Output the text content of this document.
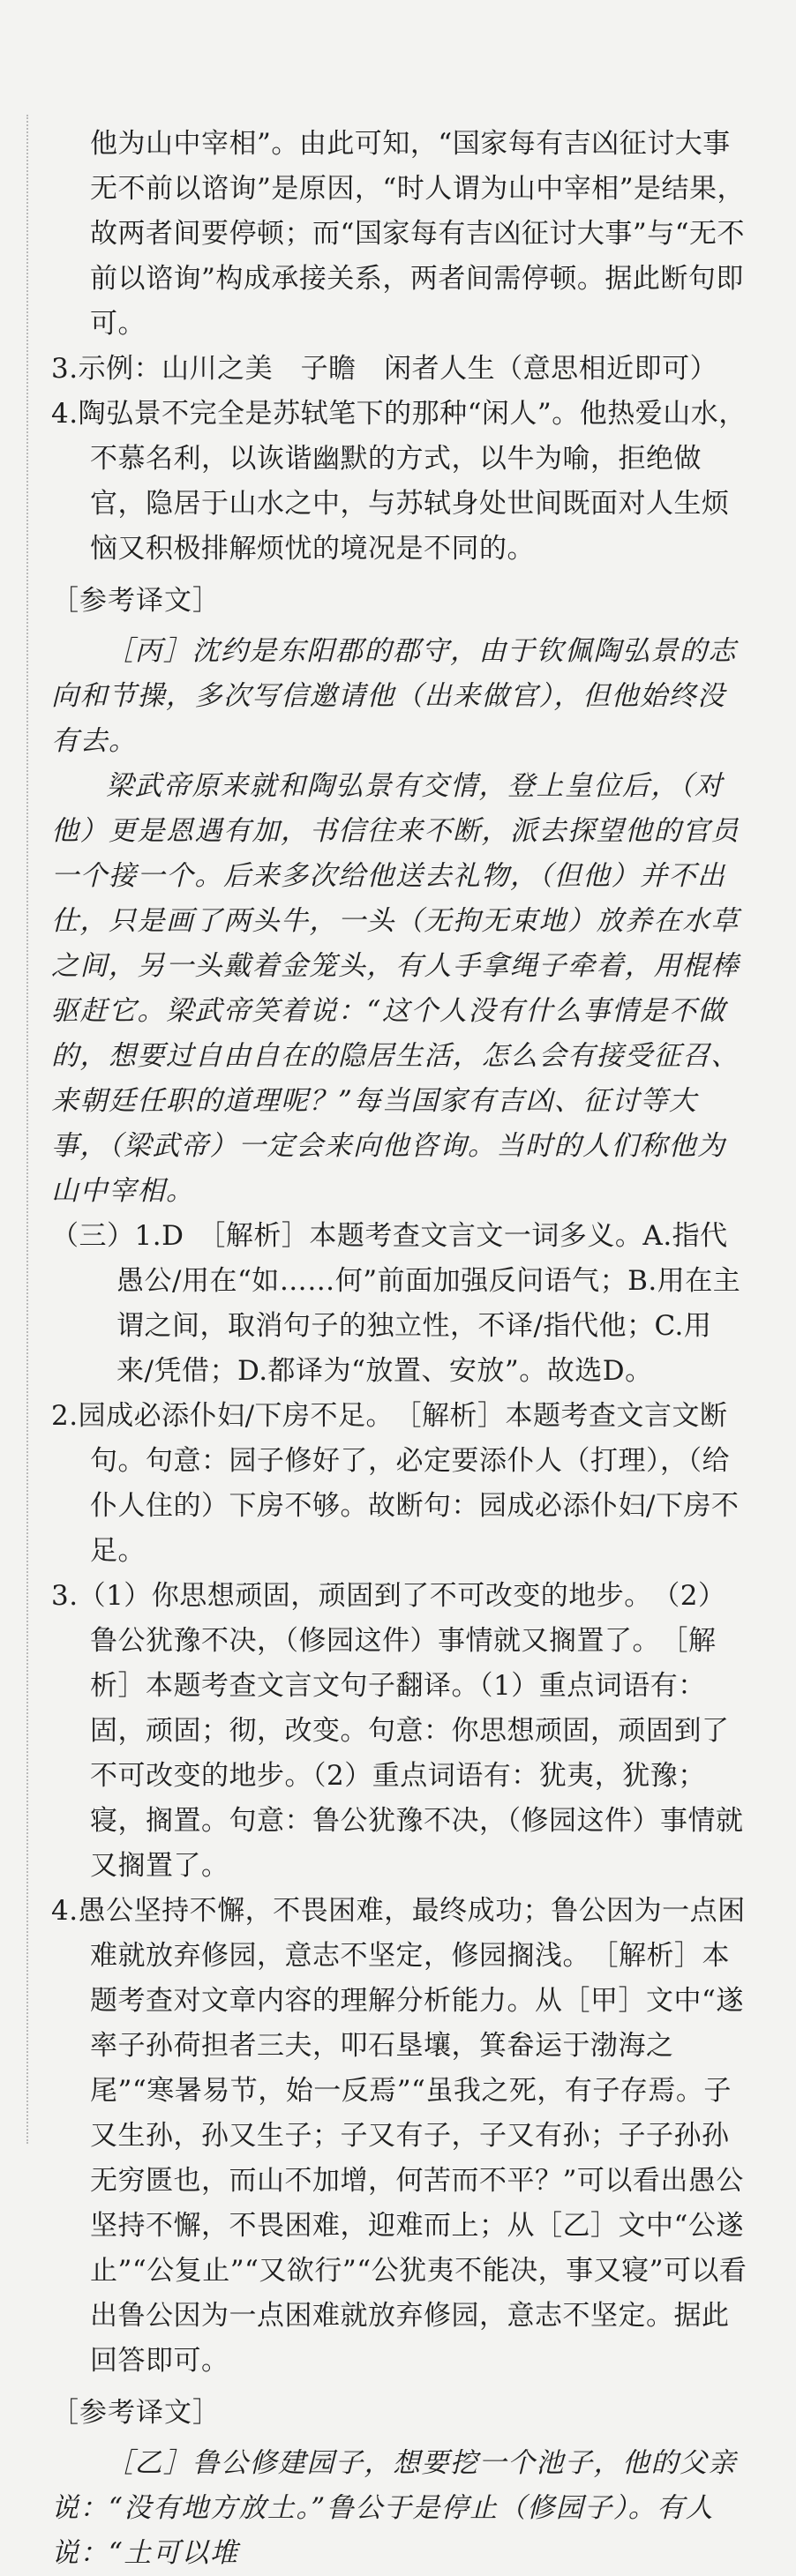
他为山中宰相”。由此可知，“国家每有吉凶征讨大事无不前以谘询”是原因，“时人谓为山中宰相”是结果，故两者间要停顿；而“国家每有吉凶征讨大事”与“无不前以谘询”构成承接关系，两者间需停顿。据此断句即可。

3.示例：山川之美　子瞻　闲者人生（意思相近即可）

4.陶弘景不完全是苏轼笔下的那种“闲人”。他热爱山水，不慕名利，以诙谐幽默的方式，以牛为喻，拒绝做官，隐居于山水之中，与苏轼身处世间既面对人生烦恼又积极排解烦忧的境况是不同的。

［参考译文］

［丙］沈约是东阳郡的郡守，由于钦佩陶弘景的志向和节操，多次写信邀请他（出来做官），但他始终没有去。

梁武帝原来就和陶弘景有交情，登上皇位后，（对他）更是恩遇有加，书信往来不断，派去探望他的官员一个接一个。后来多次给他送去礼物，（但他）并不出仕，只是画了两头牛，一头（无拘无束地）放养在水草之间，另一头戴着金笼头，有人手拿绳子牵着，用棍棒驱赶它。梁武帝笑着说：“这个人没有什么事情是不做的，想要过自由自在的隐居生活，怎么会有接受征召、来朝廷任职的道理呢？”每当国家有吉凶、征讨等大事，（梁武帝）一定会来向他咨询。当时的人们称他为山中宰相。

（三）1.D　［解析］本题考查文言文一词多义。A.指代愚公/用在“如……何”前面加强反问语气；B.用在主谓之间，取消句子的独立性，不译/指代他；C.用来/凭借；D.都译为“放置、安放”。故选D。

2.园成必添仆妇/下房不足。　［解析］本题考查文言文断句。句意：园子修好了，必定要添仆人（打理），（给仆人住的）下房不够。故断句：园成必添仆妇/下房不足。

3.（1）你思想顽固，顽固到了不可改变的地步。　（2）鲁公犹豫不决，（修园这件）事情就又搁置了。　［解析］本题考查文言文句子翻译。（1）重点词语有：固，顽固；彻，改变。句意：你思想顽固，顽固到了不可改变的地步。（2）重点词语有：犹夷，犹豫；寝，搁置。句意：鲁公犹豫不决，（修园这件）事情就又搁置了。

4.愚公坚持不懈，不畏困难，最终成功；鲁公因为一点困难就放弃修园，意志不坚定，修园搁浅。　［解析］本题考查对文章内容的理解分析能力。从［甲］文中“遂率子孙荷担者三夫，叩石垦壤，箕畚运于渤海之尾”“寒暑易节，始一反焉”“虽我之死，有子存焉。子又生孙，孙又生子；子又有子，子又有孙；子子孙孙无穷匮也，而山不加增，何苦而不平？”可以看出愚公坚持不懈，不畏困难，迎难而上；从［乙］文中“公遂止”“公复止”“又欲行”“公犹夷不能决，事又寝”可以看出鲁公因为一点困难就放弃修园，意志不坚定。据此回答即可。

［参考译文］

［乙］鲁公修建园子，想要挖一个池子，他的父亲说：“没有地方放土。”鲁公于是停止（修园子）。有人说：“土可以堆
